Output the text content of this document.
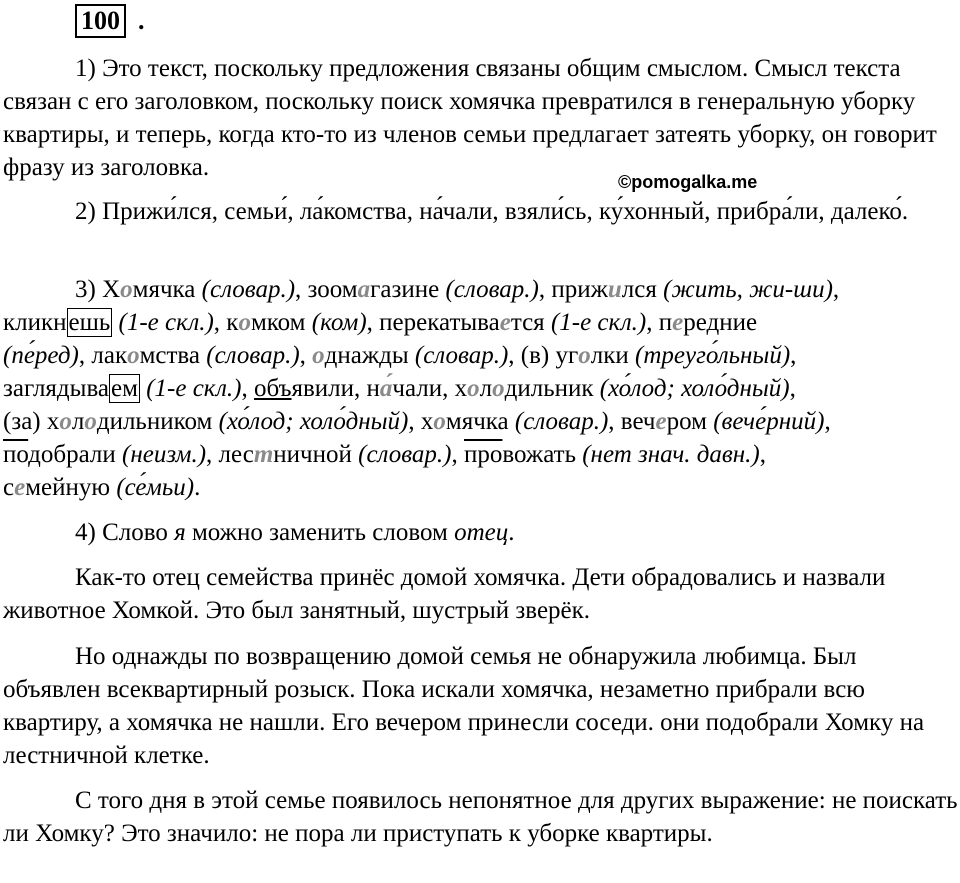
100 .

1) Это текст, поскольку предложения связаны общим смыслом. Смысл текста связан с его заголовком, поскольку поиск хомячка превратился в генеральную уборку квартиры, и теперь, когда кто-то из членов семьи предлагает затеять уборку, он говорит фразу из заголовка.

©pomogalka.me

2) Прижи́лся, семьи́, ла́комства, на́чали, взяли́сь, ку́хонный, прибра́ли, далеко́.

3) Хомячка (словар.), зоомагазине (словар.), прижился (жить, жи-ши),
кликнешь (1-е скл.), комком (ком), перекатывается (1-е скл.), передние
(пе́ред), лакомства (словар.), однажды (словар.), (в) уголки (треуго́льный),
заглядываем (1-е скл.), объявили, на́чали, холодильник (хо́лод; холо́дный),
(за) холодильником (хо́лод; холо́дный), хомячка (словар.), вечером (вече́рний),
подобрали (неизм.), лестничной (словар.), провожать (нет знач. давн.),
семейную (се́мьи).

4) Слово я можно заменить словом отец.

Как-то отец семейства принёс домой хомячка. Дети обрадовались и назвали животное Хомкой. Это был занятный, шустрый зверёк.

Но однажды по возвращению домой семья не обнаружила любимца. Был объявлен всеквартирный розыск. Пока искали хомячка, незаметно прибрали всю квартиру, а хомячка не нашли. Его вечером принесли соседи. они подобрали Хомку на лестничной клетке.

С того дня в этой семье появилось непонятное для других выражение: не поискать ли Хомку? Это значило: не пора ли приступать к уборке квартиры.
